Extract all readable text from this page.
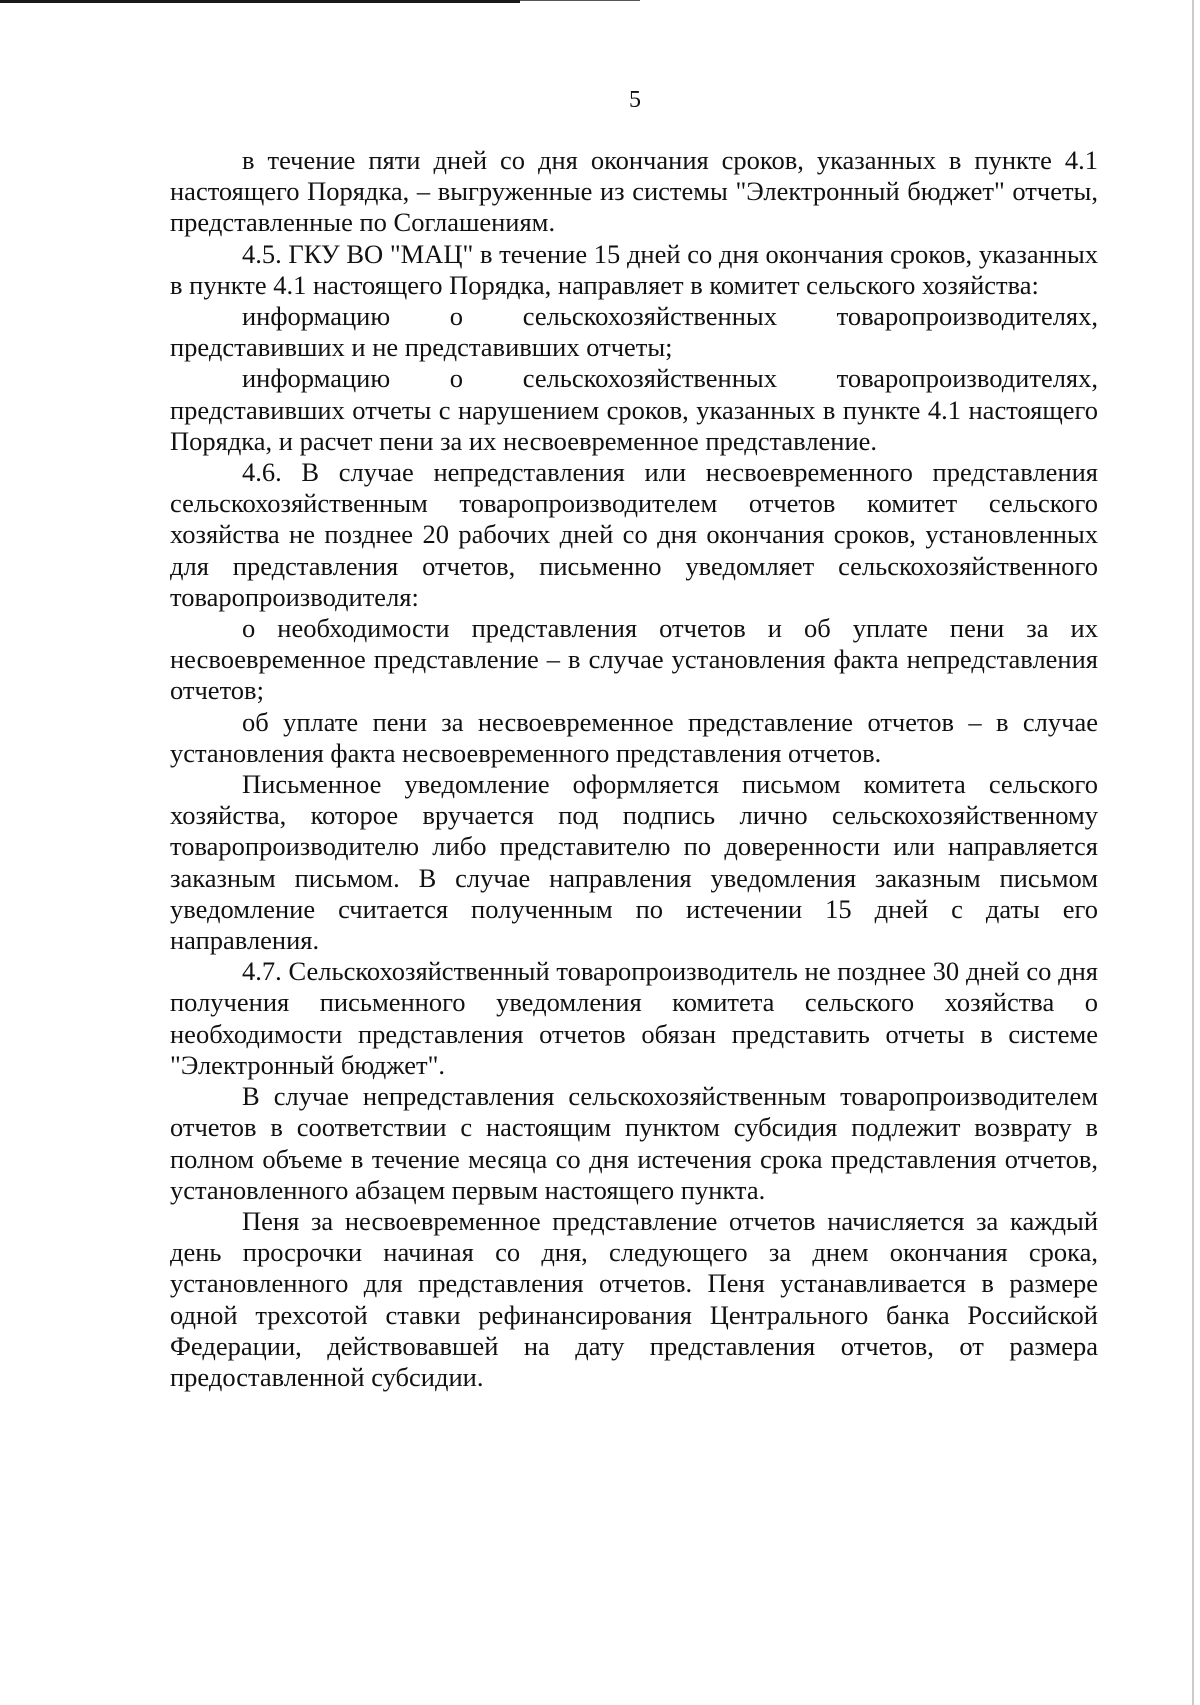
5

в течение пяти дней со дня окончания сроков, указанных в пункте 4.1 настоящего Порядка, – выгруженные из системы "Электронный бюджет" отчеты, представленные по Соглашениям.

4.5. ГКУ ВО "МАЦ" в течение 15 дней со дня окончания сроков, указанных в пункте 4.1 настоящего Порядка, направляет в комитет сельского хозяйства:

информацию о сельскохозяйственных товаропроизводителях, представивших и не представивших отчеты;

информацию о сельскохозяйственных товаропроизводителях, представивших отчеты с нарушением сроков, указанных в пункте 4.1 настоящего Порядка, и расчет пени за их несвоевременное представление.

4.6. В случае непредставления или несвоевременного представления сельскохозяйственным товаропроизводителем отчетов комитет сельского хозяйства не позднее 20 рабочих дней со дня окончания сроков, установленных для представления отчетов, письменно уведомляет сельскохозяйственного товаропроизводителя:

о необходимости представления отчетов и об уплате пени за их несвоевременное представление – в случае установления факта непредставления отчетов;

об уплате пени за несвоевременное представление отчетов – в случае установления факта несвоевременного представления отчетов.

Письменное уведомление оформляется письмом комитета сельского хозяйства, которое вручается под подпись лично сельскохозяйственному товаропроизводителю либо представителю по доверенности или направляется заказным письмом. В случае направления уведомления заказным письмом уведомление считается полученным по истечении 15 дней с даты его направления.

4.7. Сельскохозяйственный товаропроизводитель не позднее 30 дней со дня получения письменного уведомления комитета сельского хозяйства о необходимости представления отчетов обязан представить отчеты в системе "Электронный бюджет".

В случае непредставления сельскохозяйственным товаропроизводителем отчетов в соответствии с настоящим пунктом субсидия подлежит возврату в полном объеме в течение месяца со дня истечения срока представления отчетов, установленного абзацем первым настоящего пункта.

Пеня за несвоевременное представление отчетов начисляется за каждый день просрочки начиная со дня, следующего за днем окончания срока, установленного для представления отчетов. Пеня устанавливается в размере одной трехсотой ставки рефинансирования Центрального банка Российской Федерации, действовавшей на дату представления отчетов, от размера предоставленной субсидии.
